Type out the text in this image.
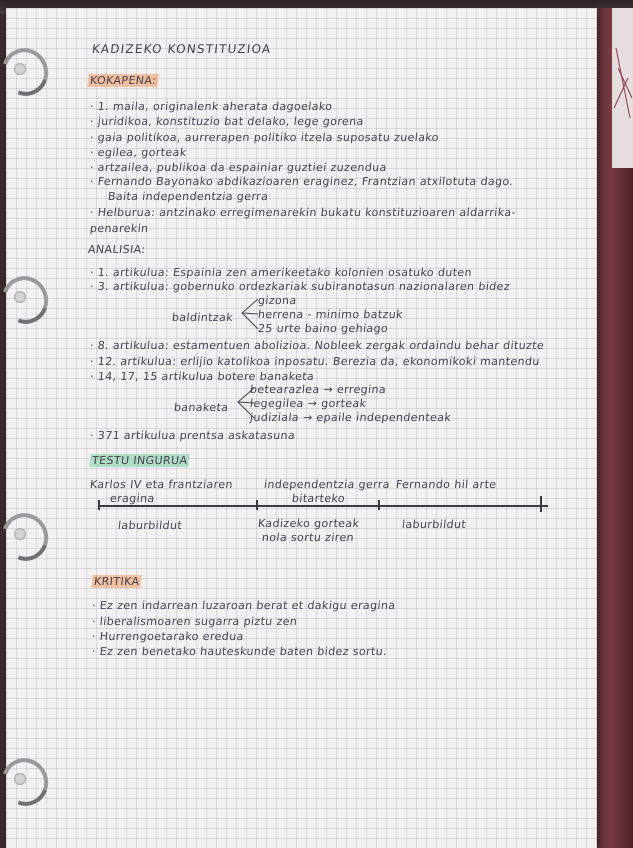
KADIZEKO KONSTITUZIOA
KOKAPENA:
· 1. maila, originalenk aherata dagoelako
· juridikoa, konstituzio bat delako, lege gorena
· gaia politikoa, aurrerapen politiko itzela suposatu zuelako
· egilea, gorteak
· artzailea, publikoa da espainiar guztiei zuzendua
· Fernando Bayonako abdikazioaren eraginez, Frantzian atxilotuta dago.
Baita independentzia gerra
· Helburua: antzinako erregimenarekin bukatu konstituzioaren aldarrika-
penarekin
ANALISIA:
· 1. artikulua: Espainia zen amerikeetako kolonien osatuko duten
· 3. artikulua: gobernuko ordezkariak subiranotasun nazionalaren bidez
baldintzak
gizona
herrena - minimo batzuk
25 urte baino gehiago
· 8. artikulua: estamentuen abolizioa. Nobleek zergak ordaindu behar dituzte
· 12. artikulua: erlijio katolikoa inposatu. Berezia da, ekonomikoki mantendu
· 14, 17, 15 artikulua botere banaketa
banaketa
betearazlea → erregina
legegilea → gorteak
judiziala → epaile independenteak
· 371 artikulua prentsa askatasuna
TESTU INGURUA
Karlos IV eta frantziaren
eragina
independentzia gerra
bitarteko
Fernando hil arte
laburbildut	Kadizeko gorteak
nola sortu ziren
laburbildut
KRITIKA
· Ez zen indarrean luzaroan berat et dakigu eragina
· liberalismoaren sugarra piztu zen
· Hurrengoetarako eredua
· Ez zen benetako hauteskunde baten bidez sortu.
